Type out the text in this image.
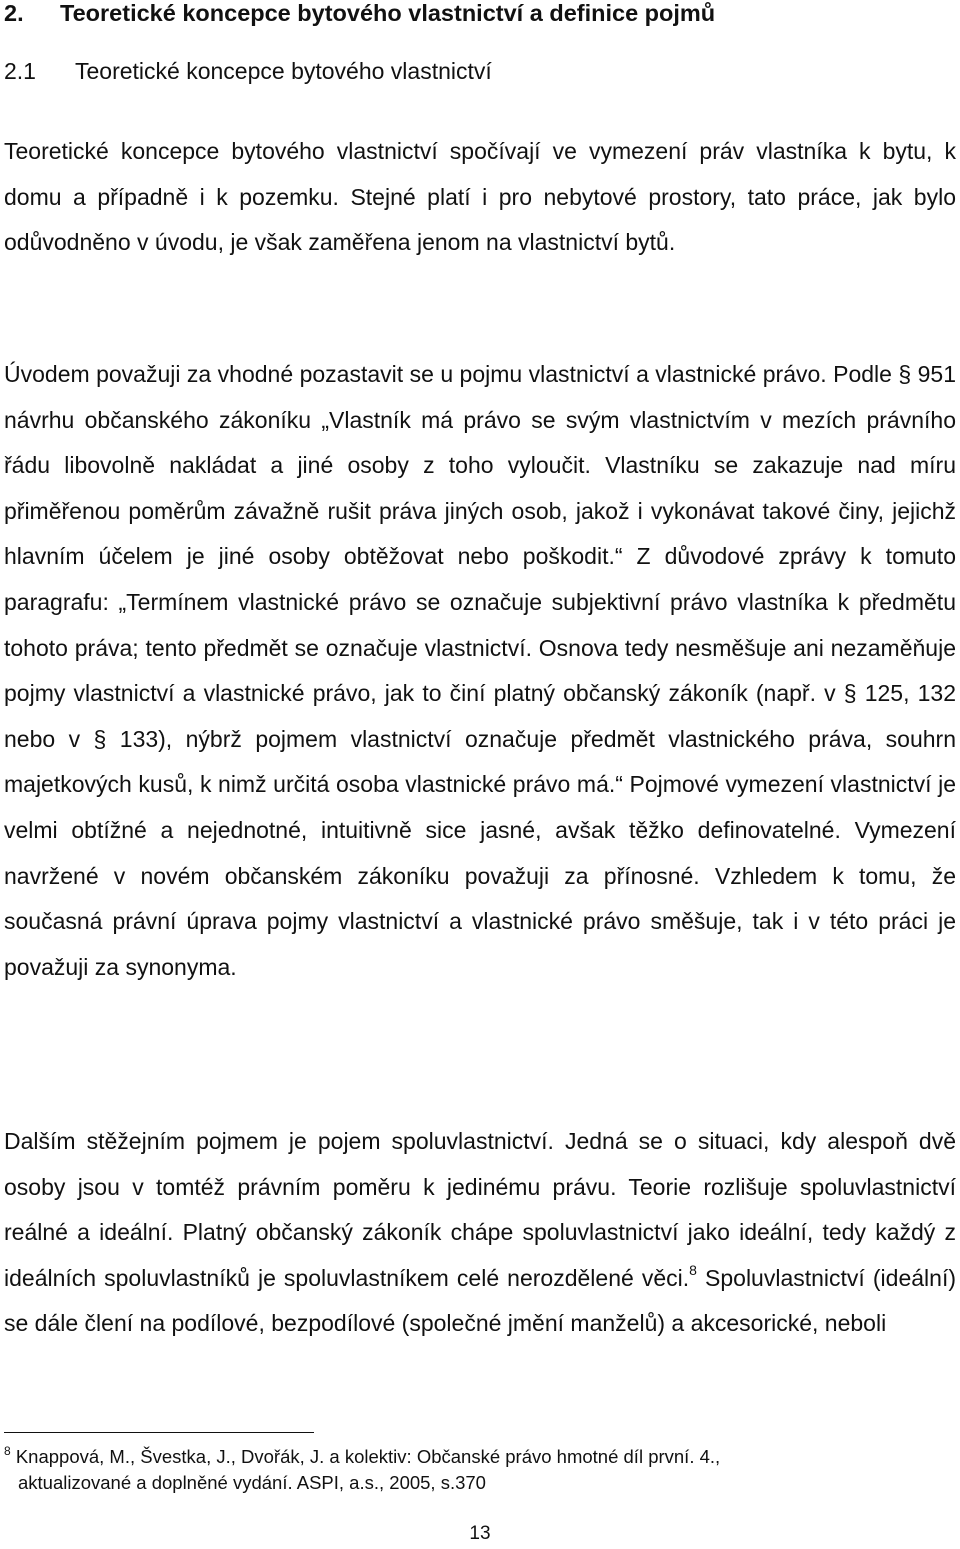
2. Teoretické koncepce bytového vlastnictví a definice pojmů
2.1 Teoretické koncepce bytového vlastnictví

Teoretické koncepce bytového vlastnictví spočívají ve vymezení práv vlastníka k bytu, k domu a případně i k pozemku. Stejné platí i pro nebytové prostory, tato práce, jak bylo odůvodněno v úvodu, je však zaměřena jenom na vlastnictví bytů.

Úvodem považuji za vhodné pozastavit se u pojmu vlastnictví a vlastnické právo. Podle § 951 návrhu občanského zákoníku „Vlastník má právo se svým vlastnictvím v mezích právního řádu libovolně nakládat a jiné osoby z toho vyloučit. Vlastníku se zakazuje nad míru přiměřenou poměrům závažně rušit práva jiných osob, jakož i vykonávat takové činy, jejichž hlavním účelem je jiné osoby obtěžovat nebo poškodit.“ Z důvodové zprávy k tomuto paragrafu: „Termínem vlastnické právo se označuje subjektivní právo vlastníka k předmětu tohoto práva; tento předmět se označuje vlastnictví. Osnova tedy nesměšuje ani nezaměňuje pojmy vlastnictví a vlastnické právo, jak to činí platný občanský zákoník (např. v § 125, 132 nebo v § 133), nýbrž pojmem vlastnictví označuje předmět vlastnického práva, souhrn majetkových kusů, k nimž určitá osoba vlastnické právo má.“ Pojmové vymezení vlastnictví je velmi obtížné a nejednotné, intuitivně sice jasné, avšak těžko definovatelné. Vymezení navržené v novém občanském zákoníku považuji za přínosné. Vzhledem k tomu, že současná právní úprava pojmy vlastnictví a vlastnické právo směšuje, tak i v této práci je považuji za synonyma.

Dalším stěžejním pojmem je pojem spoluvlastnictví. Jedná se o situaci, kdy alespoň dvě osoby jsou v tomtéž právním poměru k jedinému právu. Teorie rozlišuje spoluvlastnictví reálné a ideální. Platný občanský zákoník chápe spoluvlastnictví jako ideální, tedy každý z ideálních spoluvlastníků je spoluvlastníkem celé nerozdělené věci.$^8$ Spoluvlastnictví (ideální) se dále člení na podílové, bezpodílové (společné jmění manželů) a akcesorické, neboli

$^8$ Knappová, M., Švestka, J., Dvořák, J. a kolektiv: Občanské právo hmotné díl první. 4.,
aktualizované a doplněné vydání. ASPI, a.s., 2005, s.370

13
